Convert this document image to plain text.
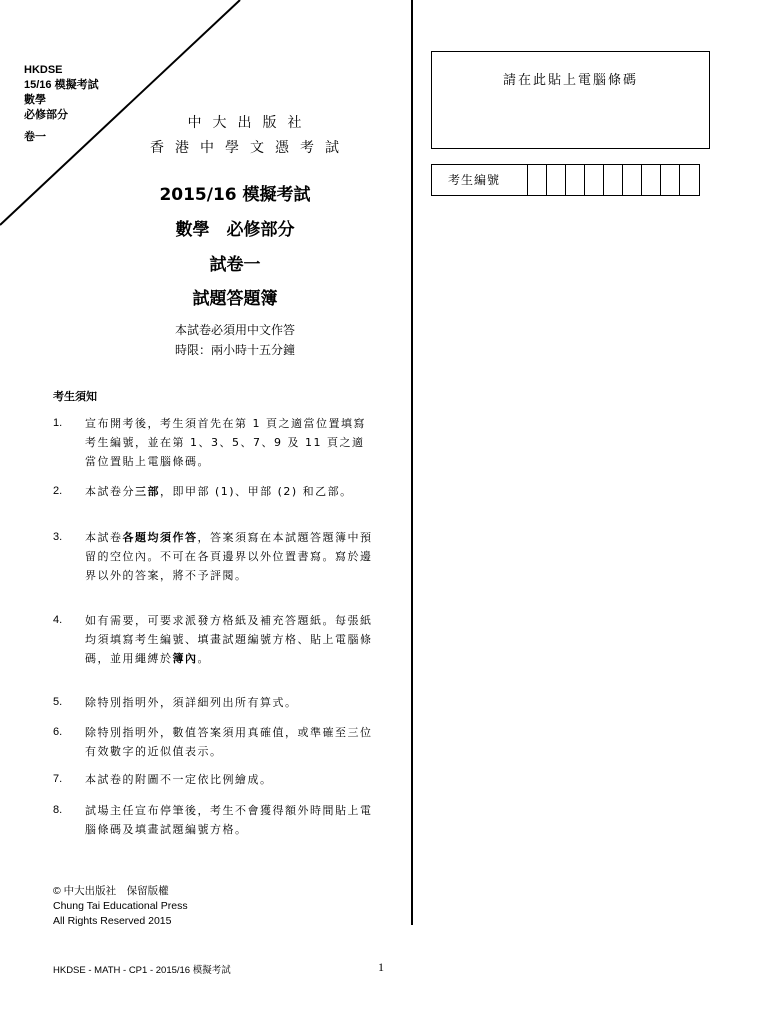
HKDSE
15/16 模擬考試
數學
必修部分
卷一
中大出版社
香港中學文憑考試
2015/16 模擬考試
數學　必修部分
試卷一
試題答題簿
本試卷必須用中文作答
時限：兩小時十五分鐘
考生須知
1.	宣布開考後，考生須首先在第 1 頁之適當位置填寫考生編號，並在第 1、3、5、7、9 及 11 頁之適當位置貼上電腦條碼。
2.	本試卷分三部，即甲部 (1)、甲部 (2) 和乙部。
3.	本試卷各題均須作答，答案須寫在本試題答題簿中預留的空位內。不可在各頁邊界以外位置書寫。寫於邊界以外的答案，將不予評閱。
4.	如有需要，可要求派發方格紙及補充答題紙。每張紙均須填寫考生編號、填畫試題編號方格、貼上電腦條碼，並用繩縛於簿內。
5.	除特別指明外，須詳細列出所有算式。
6.	除特別指明外，數值答案須用真確值，或準確至三位有效數字的近似值表示。
7.	本試卷的附圖不一定依比例繪成。
8.	試場主任宣布停筆後，考生不會獲得額外時間貼上電腦條碼及填畫試題編號方格。
© 中大出版社　保留版權
Chung Tai Educational Press
All Rights Reserved 2015
HKDSE - MATH - CP1 - 2015/16 模擬考試	1
請在此貼上電腦條碼
考生編號
